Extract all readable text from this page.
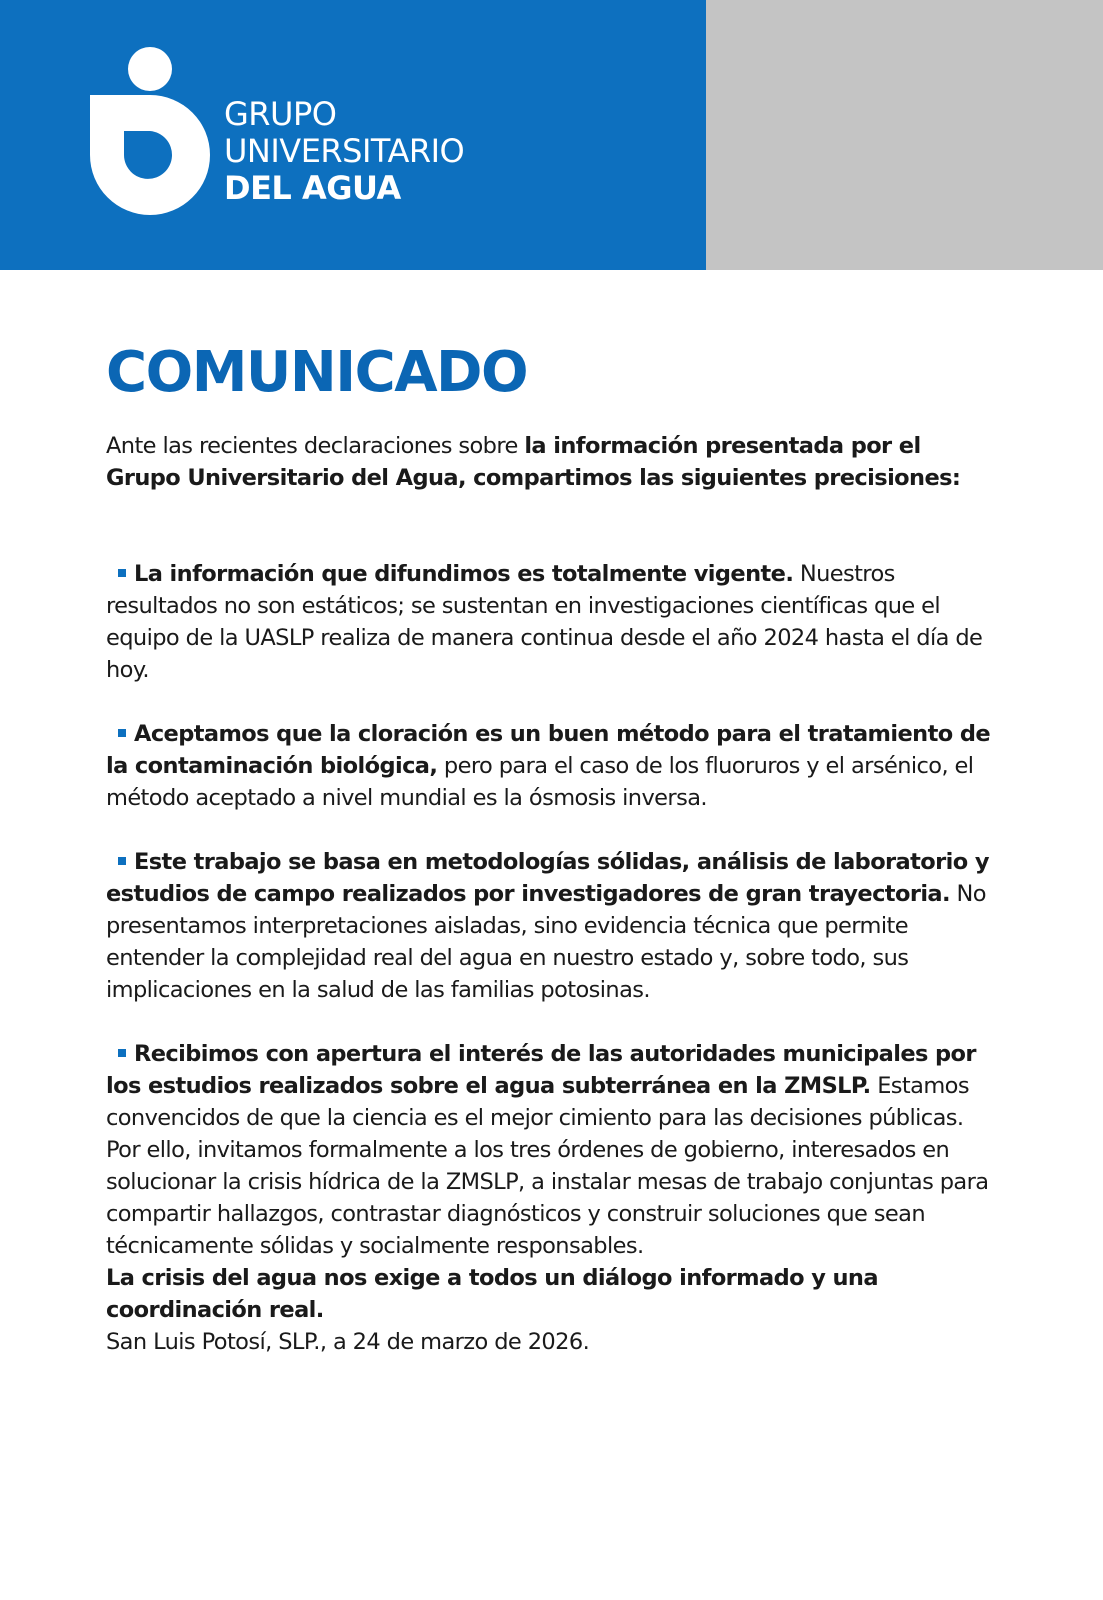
GRUPO
UNIVERSITARIO
DEL AGUA
COMUNICADO

Ante las recientes declaraciones sobre la información presentada por el Grupo Universitario del Agua, compartimos las siguientes precisiones:

La información que difundimos es totalmente vigente. Nuestros resultados no son estáticos; se sustentan en investigaciones científicas que el equipo de la UASLP realiza de manera continua desde el año 2024 hasta el día de hoy.

Aceptamos que la cloración es un buen método para el tratamiento de la contaminación biológica, pero para el caso de los fluoruros y el arsénico, el método aceptado a nivel mundial es la ósmosis inversa.

Este trabajo se basa en metodologías sólidas, análisis de laboratorio y estudios de campo realizados por investigadores de gran trayectoria. No presentamos interpretaciones aisladas, sino evidencia técnica que permite entender la complejidad real del agua en nuestro estado y, sobre todo, sus implicaciones en la salud de las familias potosinas.

Recibimos con apertura el interés de las autoridades municipales por los estudios realizados sobre el agua subterránea en la ZMSLP. Estamos convencidos de que la ciencia es el mejor cimiento para las decisiones públicas. Por ello, invitamos formalmente a los tres órdenes de gobierno, interesados en solucionar la crisis hídrica de la ZMSLP, a instalar mesas de trabajo conjuntas para compartir hallazgos, contrastar diagnósticos y construir soluciones que sean técnicamente sólidas y socialmente responsables.

La crisis del agua nos exige a todos un diálogo informado y una coordinación real.

San Luis Potosí, SLP., a 24 de marzo de 2026.
